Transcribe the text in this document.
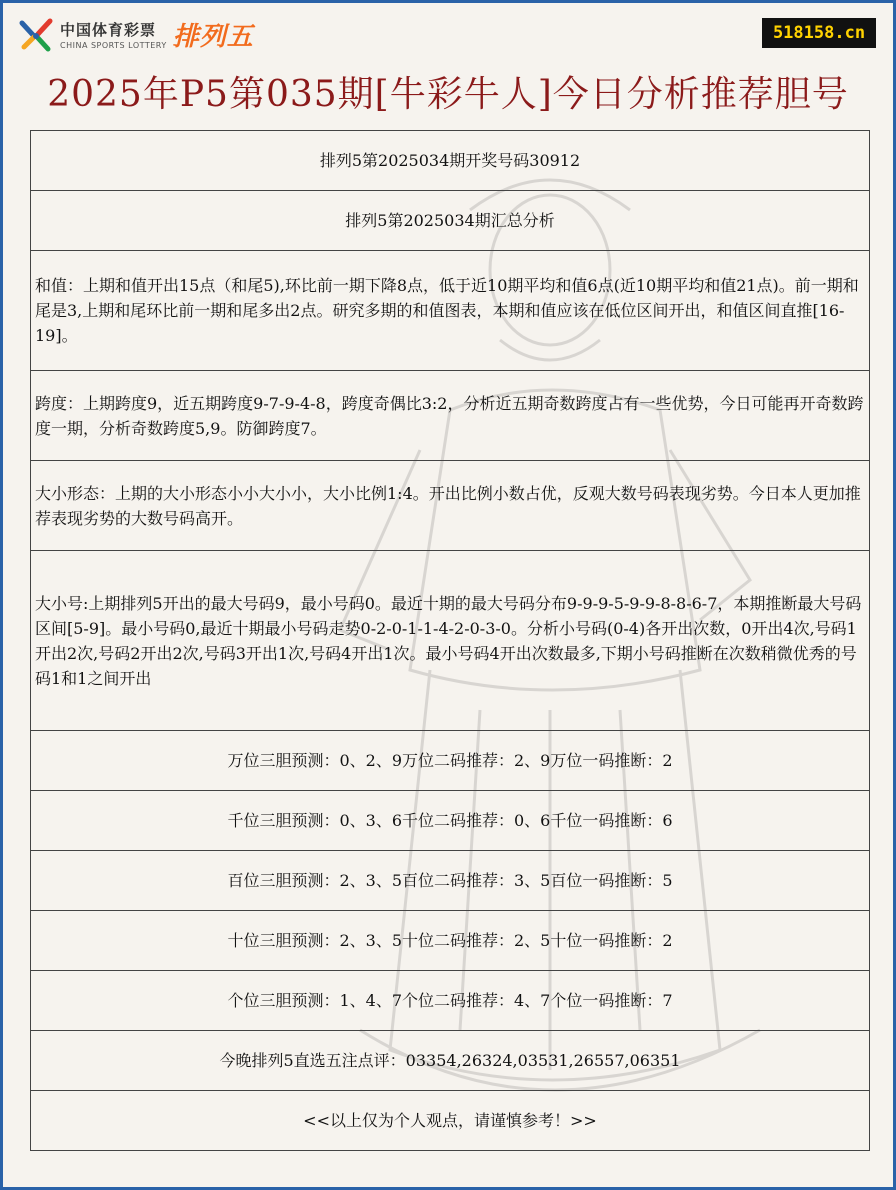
中国体育彩票
CHINA SPORTS LOTTERY 排列五	518158.cn
2025年P5第035期[牛彩牛人]今日分析推荐胆号
排列5第2025034期开奖号码30912
排列5第2025034期汇总分析
和值：上期和值开出15点（和尾5),环比前一期下降8点，低于近10期平均和值6点(近10期平均和值21点)。前一期和尾是3,上期和尾环比前一期和尾多出2点。研究多期的和值图表，本期和值应该在低位区间开出，和值区间直推[16-19]。
跨度：上期跨度9，近五期跨度9-7-9-4-8，跨度奇偶比3:2，分析近五期奇数跨度占有一些优势，今日可能再开奇数跨度一期，分析奇数跨度5,9。防御跨度7。
大小形态：上期的大小形态小小大小小，大小比例1:4。开出比例小数占优，反观大数号码表现劣势。今日本人更加推荐表现劣势的大数号码高开。
大小号:上期排列5开出的最大号码9，最小号码0。最近十期的最大号码分布9-9-9-5-9-9-8-8-6-7，本期推断最大号码区间[5-9]。最小号码0,最近十期最小号码走势0-2-0-1-1-4-2-0-3-0。分析小号码(0-4)各开出次数，0开出4次,号码1开出2次,号码2开出2次,号码3开出1次,号码4开出1次。最小号码4开出次数最多,下期小号码推断在次数稍微优秀的号码1和1之间开出
万位三胆预测：0、2、9万位二码推荐：2、9万位一码推断：2
千位三胆预测：0、3、6千位二码推荐：0、6千位一码推断：6
百位三胆预测：2、3、5百位二码推荐：3、5百位一码推断：5
十位三胆预测：2、3、5十位二码推荐：2、5十位一码推断：2
个位三胆预测：1、4、7个位二码推荐：4、7个位一码推断：7
今晚排列5直选五注点评：03354,26324,03531,26557,06351
<<以上仅为个人观点，请谨慎参考！>>
